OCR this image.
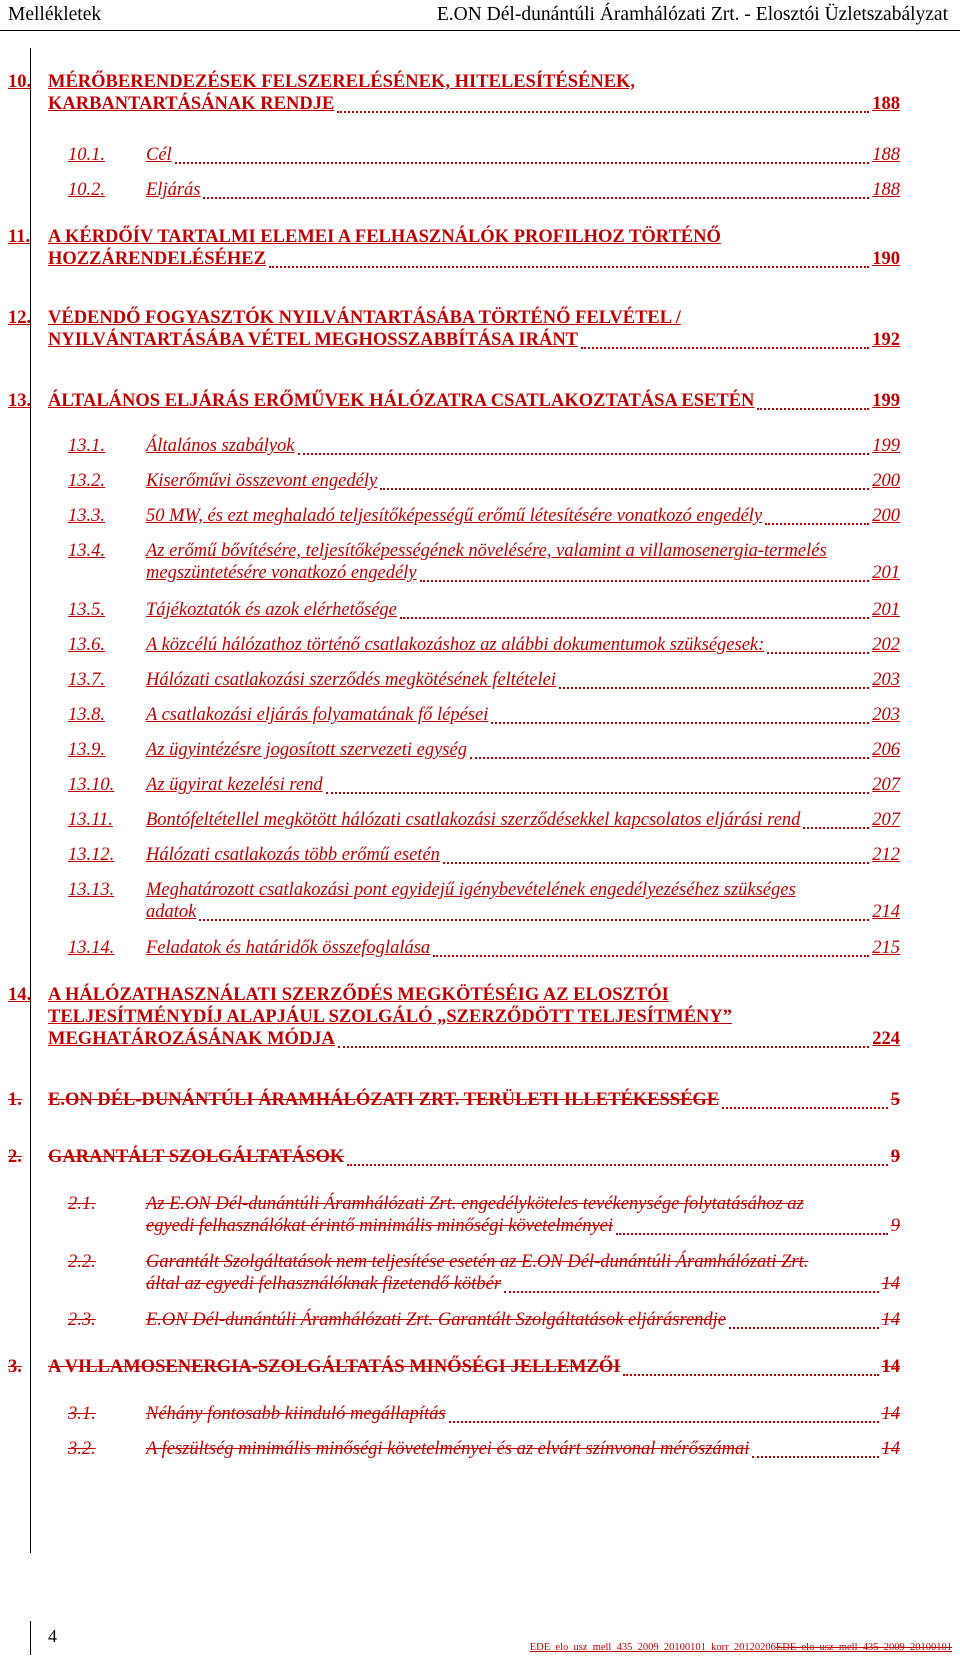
Mellékletek	E.ON Dél-dunántúli Áramhálózati Zrt. - Elosztói Üzletszabályzat
10. MÉRŐBERENDEZÉSEK FELSZERELÉSÉNEK, HITELESÍTÉSÉNEK,
KARBANTARTÁSÁNAK RENDJE	188
10.1. Cél	188
10.2. Eljárás	188
11. A KÉRDŐÍV TARTALMI ELEMEI A FELHASZNÁLÓK PROFILHOZ TÖRTÉNŐ
HOZZÁRENDELÉSÉHEZ	190
12. VÉDENDŐ FOGYASZTÓK NYILVÁNTARTÁSÁBA TÖRTÉNŐ FELVÉTEL /
NYILVÁNTARTÁSÁBA VÉTEL MEGHOSSZABBÍTÁSA IRÁNT	192
13. ÁLTALÁNOS ELJÁRÁS ERŐMŰVEK HÁLÓZATRA CSATLAKOZTATÁSA ESETÉN	199
13.1. Általános szabályok	199
13.2. Kiserőművi összevont engedély	200
13.3. 50 MW, és ezt meghaladó teljesítőképességű erőmű létesítésére vonatkozó engedély	200
13.4. Az erőmű bővítésére, teljesítőképességének növelésére, valamint a villamosenergia-termelés
megszüntetésére vonatkozó engedély	201
13.5. Tájékoztatók és azok elérhetősége	201
13.6. A közcélú hálózathoz történő csatlakozáshoz az alábbi dokumentumok szükségesek:	202
13.7. Hálózati csatlakozási szerződés megkötésének feltételei	203
13.8. A csatlakozási eljárás folyamatának fő lépései	203
13.9. Az ügyintézésre jogosított szervezeti egység	206
13.10. Az ügyirat kezelési rend	207
13.11. Bontófeltétellel megkötött hálózati csatlakozási szerződésekkel kapcsolatos eljárási rend	207
13.12. Hálózati csatlakozás több erőmű esetén	212
13.13. Meghatározott csatlakozási pont egyidejű igénybevételének engedélyezéséhez szükséges
adatok	214
13.14. Feladatok és határidők összefoglalása	215
14. A HÁLÓZATHASZNÁLATI SZERZŐDÉS MEGKÖTÉSÉIG AZ ELOSZTÓI
TELJESÍTMÉNYDÍJ ALAPJÁUL SZOLGÁLÓ „SZERZŐDÖTT TELJESÍTMÉNY”
MEGHATÁROZÁSÁNAK MÓDJA	224
1. E.ON DÉL-DUNÁNTÚLI ÁRAMHÁLÓZATI ZRT. TERÜLETI ILLETÉKESSÉGE	5
2. GARANTÁLT SZOLGÁLTATÁSOK	9
2.1.	Az E.ON Dél-dunántúli Áramhálózati Zrt. engedélyköteles tevékenysége folytatásához az
egyedi felhasználókat érintő minimális minőségi követelményei	9
2.2.	Garantált Szolgáltatások nem teljesítése esetén az E.ON Dél-dunántúli Áramhálózati Zrt.
által az egyedi felhasználóknak fizetendő kötbér	14
2.3.	E.ON Dél-dunántúli Áramhálózati Zrt. Garantált Szolgáltatások eljárásrendje	14
3. A VILLAMOSENERGIA-SZOLGÁLTATÁS MINŐSÉGI JELLEMZŐI	14
3.1.	Néhány fontosabb kiinduló megállapítás	14
3.2.	A feszültség minimális minőségi követelményei és az elvárt színvonal mérőszámai	14
4
EDE_elo_usz_mell_435_2009_20100101_korr_20120206EDE_elo_usz_mell_435_2009_20100101
